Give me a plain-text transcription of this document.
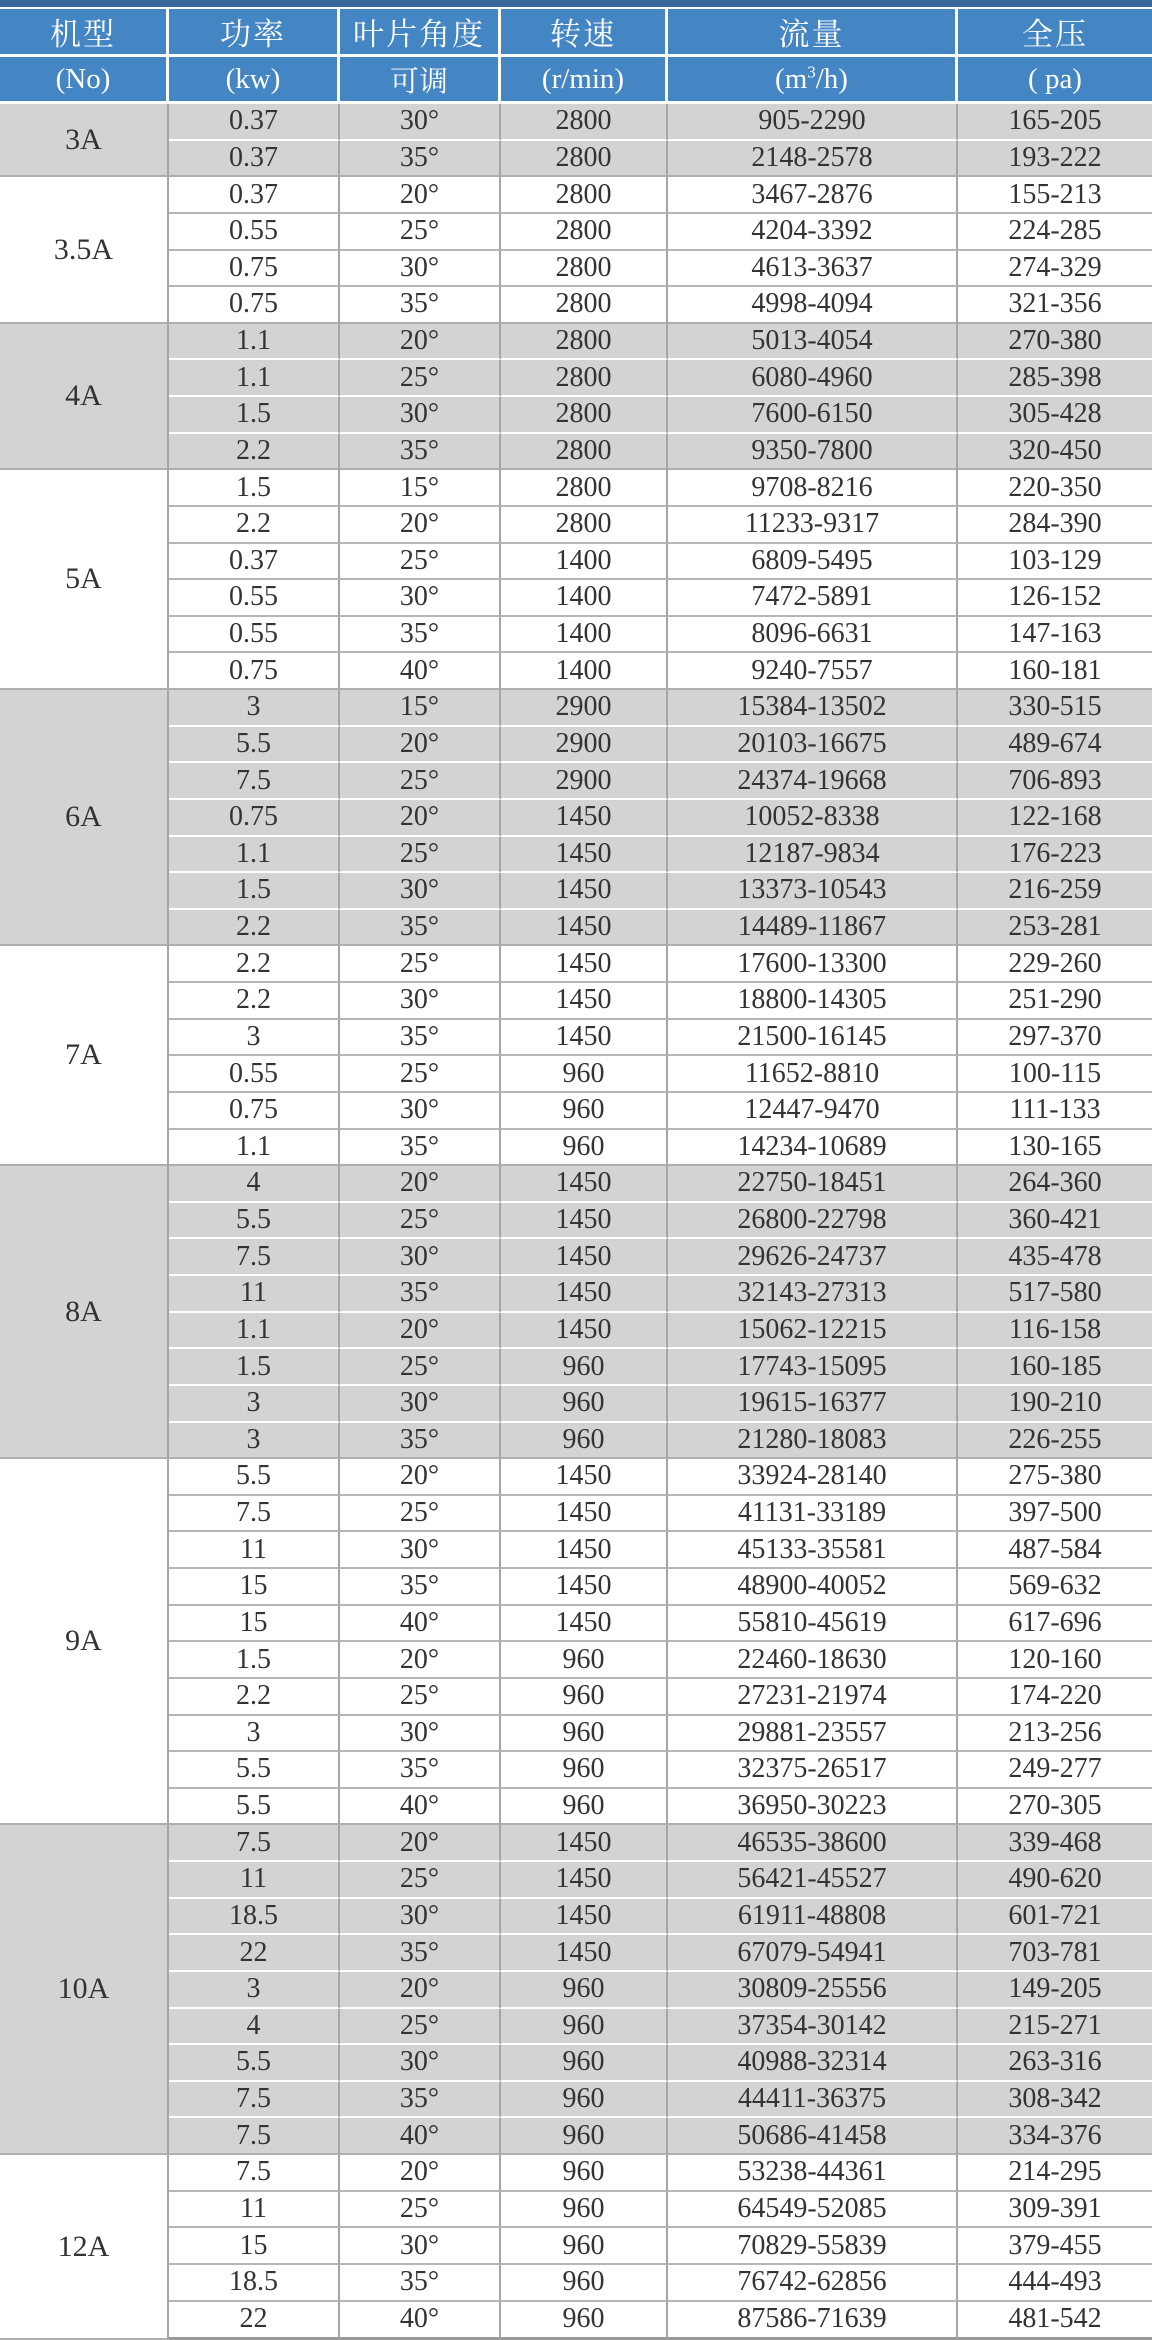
机型	功率	叶片角度	转速	流量	全压
(No)	(kw)	可调	(r/min)	$(m^3/h)$	( pa)
3A	0.37	30°	2800	905-2290	165-205
	0.37	35°	2800	2148-2578	193-222
3.5A	0.37	20°	2800	3467-2876	155-213
	0.55	25°	2800	4204-3392	224-285
	0.75	30°	2800	4613-3637	274-329
	0.75	35°	2800	4998-4094	321-356
4A	1.1	20°	2800	5013-4054	270-380
	1.1	25°	2800	6080-4960	285-398
	1.5	30°	2800	7600-6150	305-428
	2.2	35°	2800	9350-7800	320-450
5A	1.5	15°	2800	9708-8216	220-350
	2.2	20°	2800	11233-9317	284-390
	0.37	25°	1400	6809-5495	103-129
	0.55	30°	1400	7472-5891	126-152
	0.55	35°	1400	8096-6631	147-163
	0.75	40°	1400	9240-7557	160-181
6A	3	15°	2900	15384-13502	330-515
	5.5	20°	2900	20103-16675	489-674
	7.5	25°	2900	24374-19668	706-893
	0.75	20°	1450	10052-8338	122-168
	1.1	25°	1450	12187-9834	176-223
	1.5	30°	1450	13373-10543	216-259
	2.2	35°	1450	14489-11867	253-281
7A	2.2	25°	1450	17600-13300	229-260
	2.2	30°	1450	18800-14305	251-290
	3	35°	1450	21500-16145	297-370
	0.55	25°	960	11652-8810	100-115
	0.75	30°	960	12447-9470	111-133
	1.1	35°	960	14234-10689	130-165
8A	4	20°	1450	22750-18451	264-360
	5.5	25°	1450	26800-22798	360-421
	7.5	30°	1450	29626-24737	435-478
	11	35°	1450	32143-27313	517-580
	1.1	20°	1450	15062-12215	116-158
	1.5	25°	960	17743-15095	160-185
	3	30°	960	19615-16377	190-210
	3	35°	960	21280-18083	226-255
9A	5.5	20°	1450	33924-28140	275-380
	7.5	25°	1450	41131-33189	397-500
	11	30°	1450	45133-35581	487-584
	15	35°	1450	48900-40052	569-632
	15	40°	1450	55810-45619	617-696
	1.5	20°	960	22460-18630	120-160
	2.2	25°	960	27231-21974	174-220
	3	30°	960	29881-23557	213-256
	5.5	35°	960	32375-26517	249-277
	5.5	40°	960	36950-30223	270-305
10A	7.5	20°	1450	46535-38600	339-468
	11	25°	1450	56421-45527	490-620
	18.5	30°	1450	61911-48808	601-721
	22	35°	1450	67079-54941	703-781
	3	20°	960	30809-25556	149-205
	4	25°	960	37354-30142	215-271
	5.5	30°	960	40988-32314	263-316
	7.5	35°	960	44411-36375	308-342
	7.5	40°	960	50686-41458	334-376
12A	7.5	20°	960	53238-44361	214-295
	11	25°	960	64549-52085	309-391
	15	30°	960	70829-55839	379-455
	18.5	35°	960	76742-62856	444-493
	22	40°	960	87586-71639	481-542
